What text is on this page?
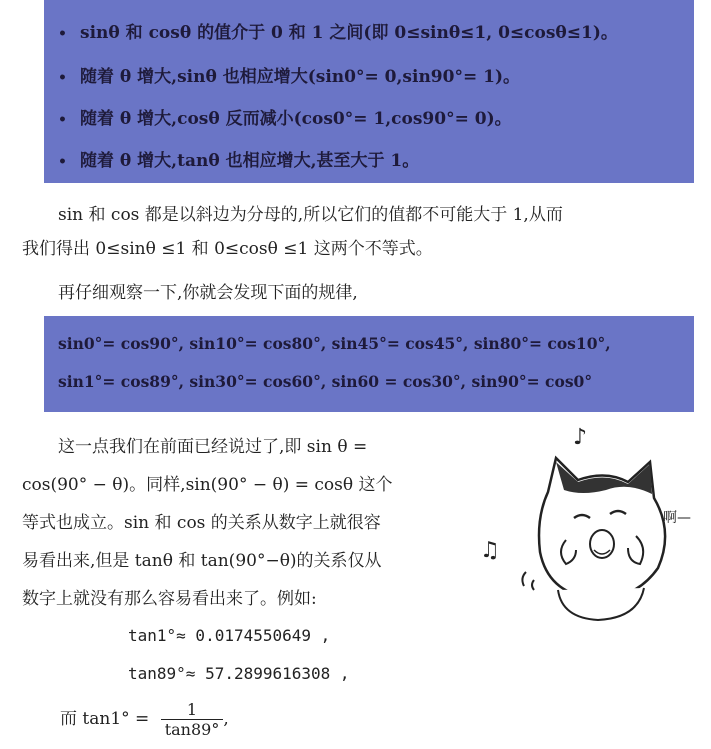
• sinθ 和 cosθ 的值介于 0 和 1 之间(即 0≤sinθ≤1, 0≤cosθ≤1)。
• 随着 θ 增大,sinθ 也相应增大(sin0°= 0,sin90°= 1)。
• 随着 θ 增大,cosθ 反而减小(cos0°= 1,cos90°= 0)。
• 随着 θ 增大,tanθ 也相应增大,甚至大于 1。
sin 和 cos 都是以斜边为分母的,所以它们的值都不可能大于 1,从而
我们得出 0≤sinθ ≤1 和 0≤cosθ ≤1 这两个不等式。
再仔细观察一下,你就会发现下面的规律,
sin0°= cos90°, sin10°= cos80°, sin45°= cos45°, sin80°= cos10°,
sin1°= cos89°, sin30°= cos60°, sin60 = cos30°, sin90°= cos0°
这一点我们在前面已经说过了,即 sin θ =
cos(90° − θ)。同样,sin(90° − θ) = cosθ 这个
等式也成立。sin 和 cos 的关系从数字上就很容
易看出来,但是 tanθ 和 tan(90°−θ)的关系仅从
数字上就没有那么容易看出来了。例如:
tan1°≈ 0.0174550649 ,
tan89°≈ 57.2899616308 ,
而 $\tan 1^\circ = \frac{1}{\tan 89^\circ}$ ,
♪
♫
啊—
